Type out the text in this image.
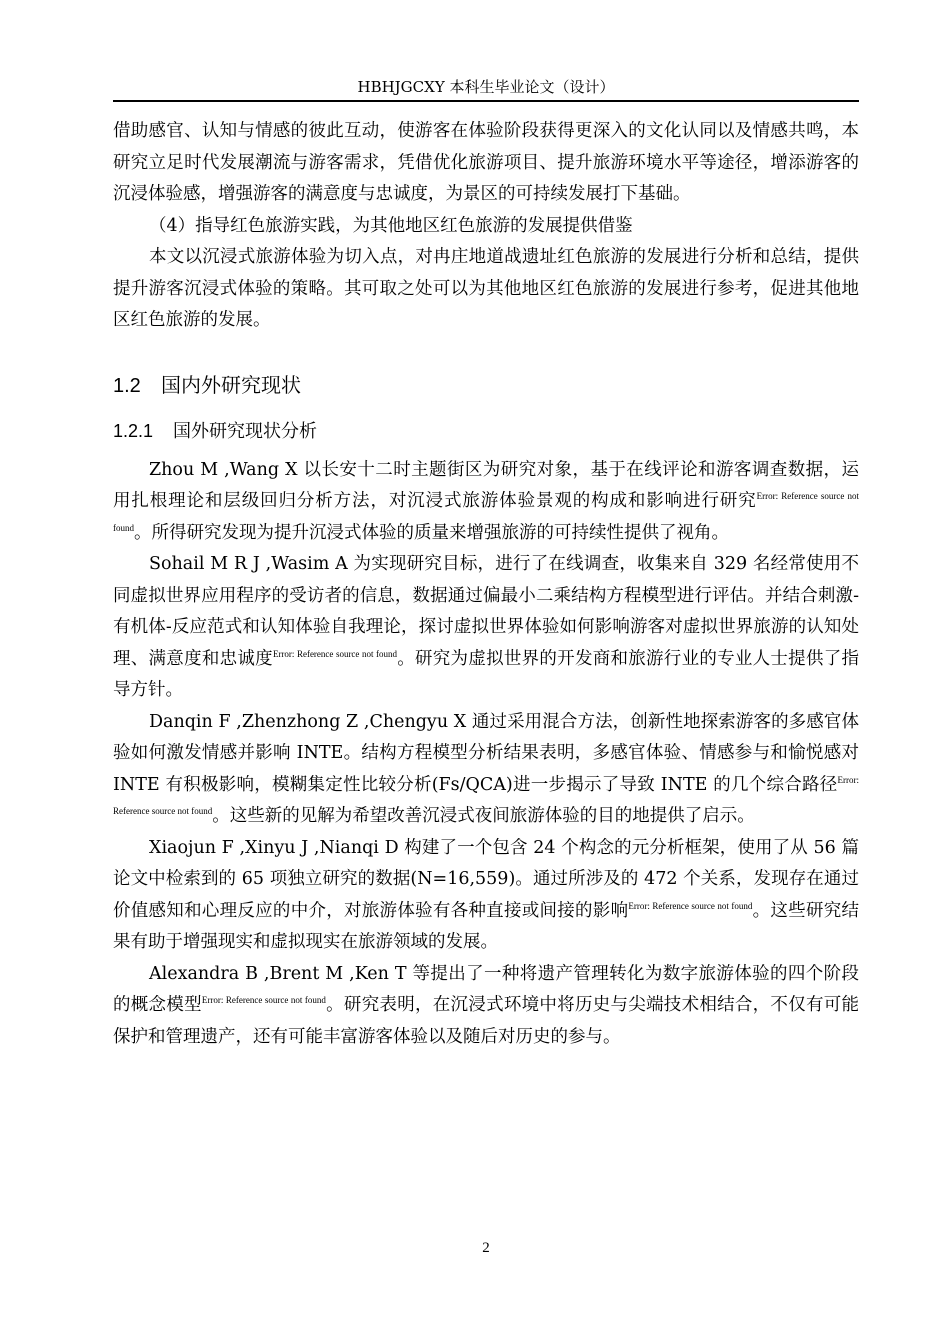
HBHJGCXY 本科生毕业论文（设计）

借助感官、认知与情感的彼此互动，使游客在体验阶段获得更深入的文化认同以及情感共鸣，本研究立足时代发展潮流与游客需求，凭借优化旅游项目、提升旅游环境水平等途径，增添游客的沉浸体验感，增强游客的满意度与忠诚度，为景区的可持续发展打下基础。

（4）指导红色旅游实践，为其他地区红色旅游的发展提供借鉴

本文以沉浸式旅游体验为切入点，对冉庄地道战遗址红色旅游的发展进行分析和总结，提供提升游客沉浸式体验的策略。其可取之处可以为其他地区红色旅游的发展进行参考，促进其他地区红色旅游的发展。

1.2 国内外研究现状
1.2.1 国外研究现状分析

Zhou M ,Wang X 以长安十二时主题街区为研究对象，基于在线评论和游客调查数据，运用扎根理论和层级回归分析方法，对沉浸式旅游体验景观的构成和影响进行研究$^{Error: Reference source not found}$。所得研究发现为提升沉浸式体验的质量来增强旅游的可持续性提供了视角。

Sohail M R J ,Wasim A 为实现研究目标，进行了在线调查，收集来自 329 名经常使用不同虚拟世界应用程序的受访者的信息，数据通过偏最小二乘结构方程模型进行评估。并结合刺激-有机体-反应范式和认知体验自我理论，探讨虚拟世界体验如何影响游客对虚拟世界旅游的认知处理、满意度和忠诚度$^{Error: Reference source not found}$。研究为虚拟世界的开发商和旅游行业的专业人士提供了指导方针。

Danqin F ,Zhenzhong Z ,Chengyu X 通过采用混合方法，创新性地探索游客的多感官体验如何激发情感并影响 INTE。结构方程模型分析结果表明，多感官体验、情感参与和愉悦感对 INTE 有积极影响，模糊集定性比较分析(Fs/QCA)进一步揭示了导致 INTE 的几个综合路径$^{Error: Reference source not found}$。这些新的见解为希望改善沉浸式夜间旅游体验的目的地提供了启示。

Xiaojun F ,Xinyu J ,Nianqi D 构建了一个包含 24 个构念的元分析框架，使用了从 56 篇论文中检索到的 65 项独立研究的数据(N=16,559)。通过所涉及的 472 个关系，发现存在通过价值感知和心理反应的中介，对旅游体验有各种直接或间接的影响$^{Error: Reference source not found}$。这些研究结果有助于增强现实和虚拟现实在旅游领域的发展。

Alexandra B ,Brent M ,Ken T 等提出了一种将遗产管理转化为数字旅游体验的四个阶段的概念模型$^{Error: Reference source not found}$。研究表明，在沉浸式环境中将历史与尖端技术相结合，不仅有可能保护和管理遗产，还有可能丰富游客体验以及随后对历史的参与。

2
